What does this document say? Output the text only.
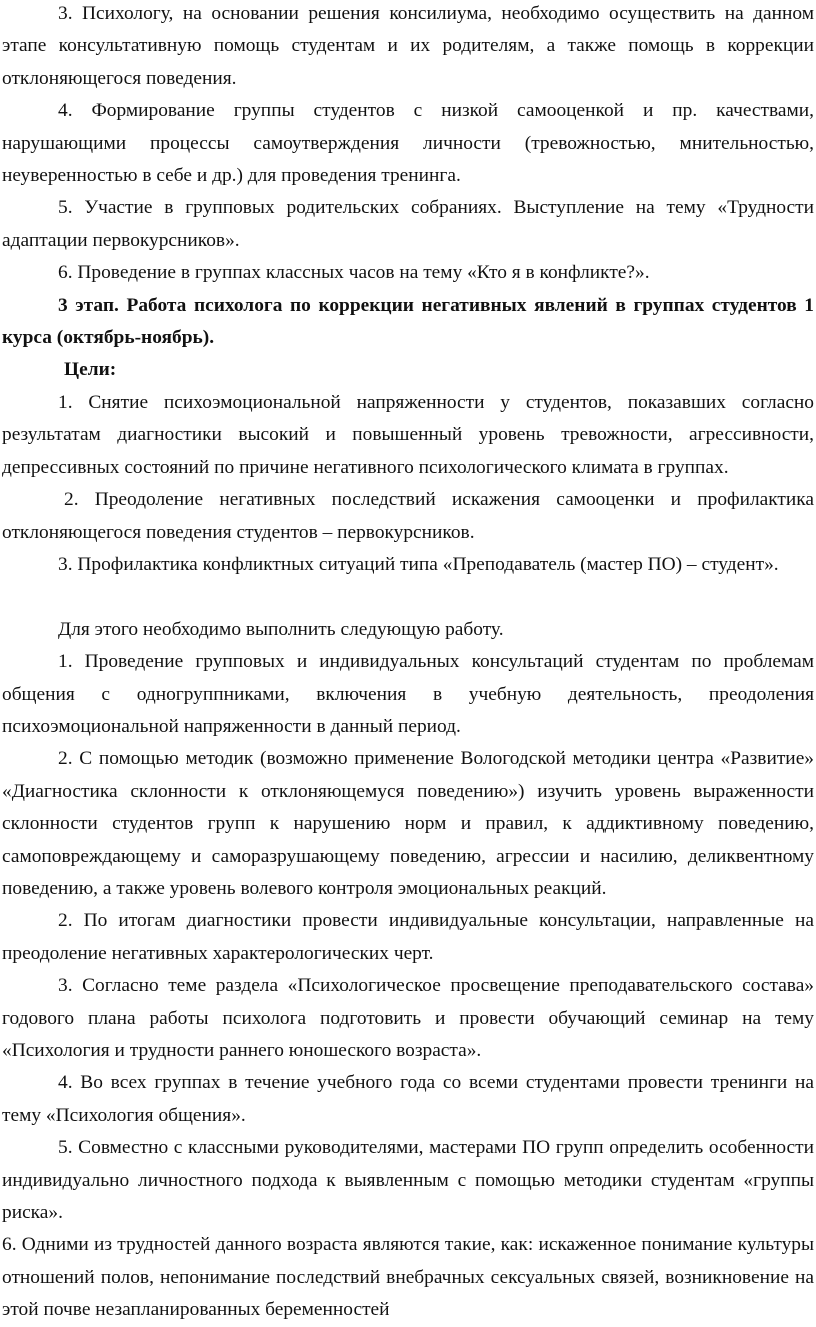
3. Психологу, на основании решения консилиума, необходимо осуществить на данном этапе консультативную помощь студентам и их родителям, а также помощь в коррекции отклоняющегося поведения.

4. Формирование группы студентов с низкой самооценкой и пр. качествами, нарушающими процессы самоутверждения личности (тревожностью, мнительностью, неуверенностью в себе и др.) для проведения тренинга.

5. Участие в групповых родительских собраниях. Выступление на тему «Трудности адаптации первокурсников».

6. Проведение в группах классных часов на тему «Кто я в конфликте?».

3 этап. Работа психолога по коррекции негативных явлений в группах студентов 1 курса (октябрь-ноябрь).

Цели:

1. Снятие психоэмоциональной напряженности у студентов, показавших согласно результатам диагностики высокий и повышенный уровень тревожности, агрессивности, депрессивных состояний по причине негативного психологического климата в группах.

2. Преодоление негативных последствий искажения самооценки и профилактика отклоняющегося поведения студентов – первокурсников.

3. Профилактика конфликтных ситуаций типа «Преподаватель (мастер ПО) – студент».

Для этого необходимо выполнить следующую работу.

1. Проведение групповых и индивидуальных консультаций студентам по проблемам общения с одногруппниками, включения в учебную деятельность, преодоления психоэмоциональной напряженности в данный период.

2. С помощью методик (возможно применение Вологодской методики центра «Развитие» «Диагностика склонности к отклоняющемуся поведению») изучить уровень выраженности склонности студентов групп к нарушению норм и правил, к аддиктивному поведению, самоповреждающему и саморазрушающему поведению, агрессии и насилию, деликвентному поведению, а также уровень волевого контроля эмоциональных реакций.

2. По итогам диагностики провести индивидуальные консультации, направленные на преодоление негативных характерологических черт.

3. Согласно теме раздела «Психологическое просвещение преподавательского состава» годового плана работы психолога подготовить и провести обучающий семинар на тему «Психология и трудности раннего юношеского возраста».

4. Во всех группах в течение учебного года со всеми студентами провести тренинги на тему «Психология общения».

5. Совместно с классными руководителями, мастерами ПО групп определить особенности индивидуально личностного подхода к выявленным с помощью методики студентам «группы риска».

6. Одними из трудностей данного возраста являются такие, как: искаженное понимание культуры отношений полов, непонимание последствий внебрачных сексуальных связей, возникновение на этой почве незапланированных беременностей
